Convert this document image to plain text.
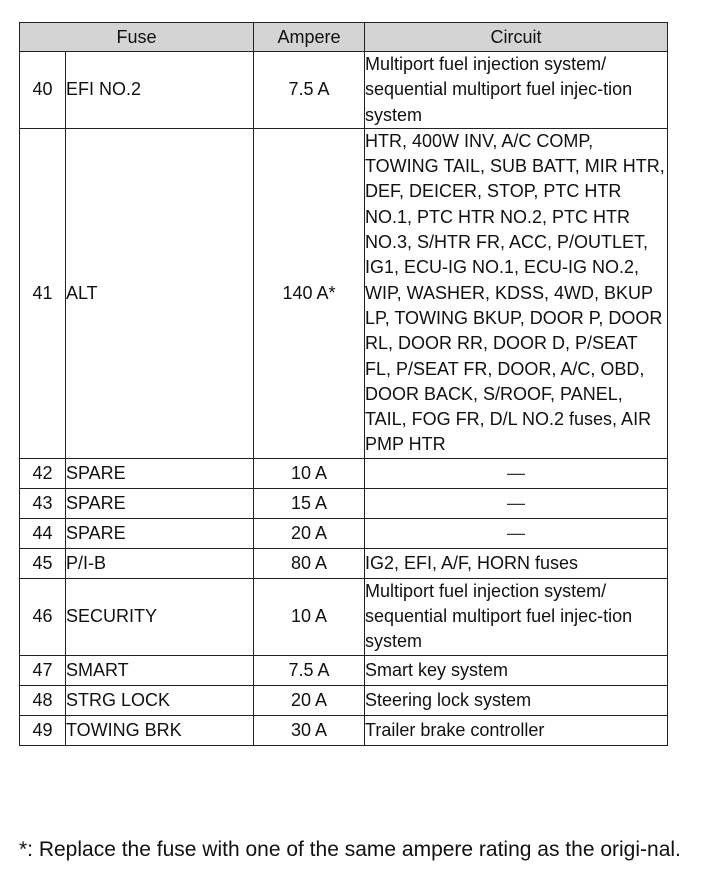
Fuse		Ampere	Circuit
40	EFI NO.2	7.5 A	Multiport fuel injection system/ sequential multiport fuel injec-tion system
41	ALT	140 A*	HTR, 400W INV, A/C COMP, TOWING TAIL, SUB BATT, MIR HTR, DEF, DEICER, STOP, PTC HTR NO.1, PTC HTR NO.2, PTC HTR NO.3, S/HTR FR, ACC, P/OUTLET, IG1, ECU-IG NO.1, ECU-IG NO.2, WIP, WASHER, KDSS, 4WD, BKUP LP, TOWING BKUP, DOOR P, DOOR RL, DOOR RR, DOOR D, P/SEAT FL, P/SEAT FR, DOOR, A/C, OBD, DOOR BACK, S/ROOF, PANEL, TAIL, FOG FR, D/L NO.2 fuses, AIR PMP HTR
42	SPARE	10 A	—
43	SPARE	15 A	—
44	SPARE	20 A	—
45	P/I-B	80 A	IG2, EFI, A/F, HORN fuses
46	SECURITY	10 A	Multiport fuel injection system/ sequential multiport fuel injec-tion system
47	SMART	7.5 A	Smart key system
48	STRG LOCK	20 A	Steering lock system
49	TOWING BRK	30 A	Trailer brake controller
*: Replace the fuse with one of the same ampere rating as the origi-nal.
